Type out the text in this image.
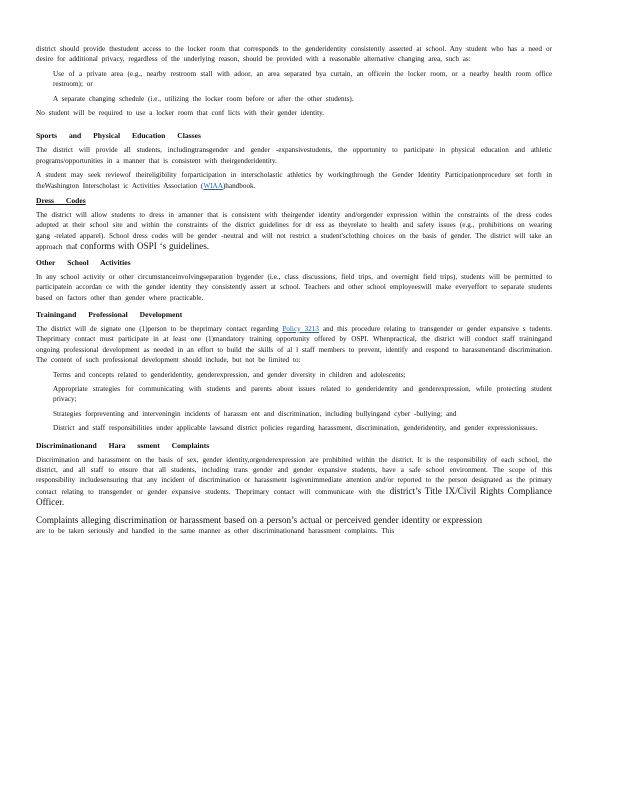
district should provide thestudent access to the locker room that corresponds to the genderidentity consistently asserted at school. Any student who has a need or desire for additional privacy, regardless of the underlying reason, should be provided with a reasonable alternative changing area, such as:

Use of a private area (e.g., nearby restroom stall with adoor, an area separated bya curtain, an officein the locker room, or a nearby health room office restroom); or
A separate changing schedule (i.e., utilizing the locker room before or after the other students).

No student will be required to use a locker room that conf licts with their gender identity.

Sports and Physical Education Classes

The district will provide all students, includingtransgender and gender -expansivestudents, the opportunity to participate in physical education and athletic programs/opportunities in a manner that is consistent with theirgenderidentity.

A student may seek reviewof theireligibility forparticipation in interscholastic athletics by workingthrough the Gender Identity Participationprocedure set forth in theWashington Interscholast ic Activities Association (WIAA)handbook.

Dress Codes

The district will allow students to dress in amanner that is consistent with theirgender identity and/orgender expression within the constraints of the dress codes adopted at their school site and within the constraints of the district guidelines for dr ess as theyrelate to health and safety issues (e.g., prohibitions on wearing gang -related apparel). School dress codes will be gender -neutral and will not restrict a student'sclothing choices on the basis of gender. The district will take an approach that conforms with OSPI ‘s guidelines.

Other School Activities

In any school activity or other circumstanceinvolvingseparation bygender (i.e., class discussions, field trips, and overnight field trips), students will be permitted to participatein accordan ce with the gender identity they consistently assert at school. Teachers and other school employeeswill make everyeffort to separate students based on factors other than gender where practicable.

Trainingand Professional Development

The district will de signate one (1)person to be theprimary contact regarding Policy 3213 and this procedure relating to transgender or gender expansive s tudents. Theprimary contact must participate in at least one (1)mandatory training opportunity offered by OSPI. Whenpractical, the district will conduct staff trainingand ongoing professional development as needed in an effort to build the skills of al l staff members to prevent, identify and respond to harassmentand discrimination. The content of such professional development should include, but not be limited to:

Terms and concepts related to genderidentity, genderexpression, and gender diversity in children and adolescents;
Appropriate strategies for communicating with students and parents about issues related to genderidentity and genderexpression, while protecting student privacy;
Strategies forpreventing and interveningin incidents of harassm ent and discrimination, including bullyingand cyber -bullying; and
District and staff responsibilities under applicable lawsand district policies regarding harassment, discrimination, genderidentity, and gender expressionissues.
Discriminationand Hara ssment Complaints

Discrimination and harassment on the basis of sex, gender identity,orgenderexpression are prohibited within the district. It is the responsibility of each school, the district, and all staff to ensure that all students, including trans gender and gender expansive students, have a safe school environment. The scope of this responsibility includesensuring that any incident of discrimination or harassment isgivenimmediate attention and/or reported to the person designated as the primary contact relating to transgender or gender expansive students. Theprimary contact will communicate with the district’s Title IX/Civil Rights Compliance Officer.

Complaints alleging discrimination or harassment based on a person’s actual or perceived gender identity or expression

are to be taken seriously and handled in the same manner as other discriminationand harassment complaints. This
